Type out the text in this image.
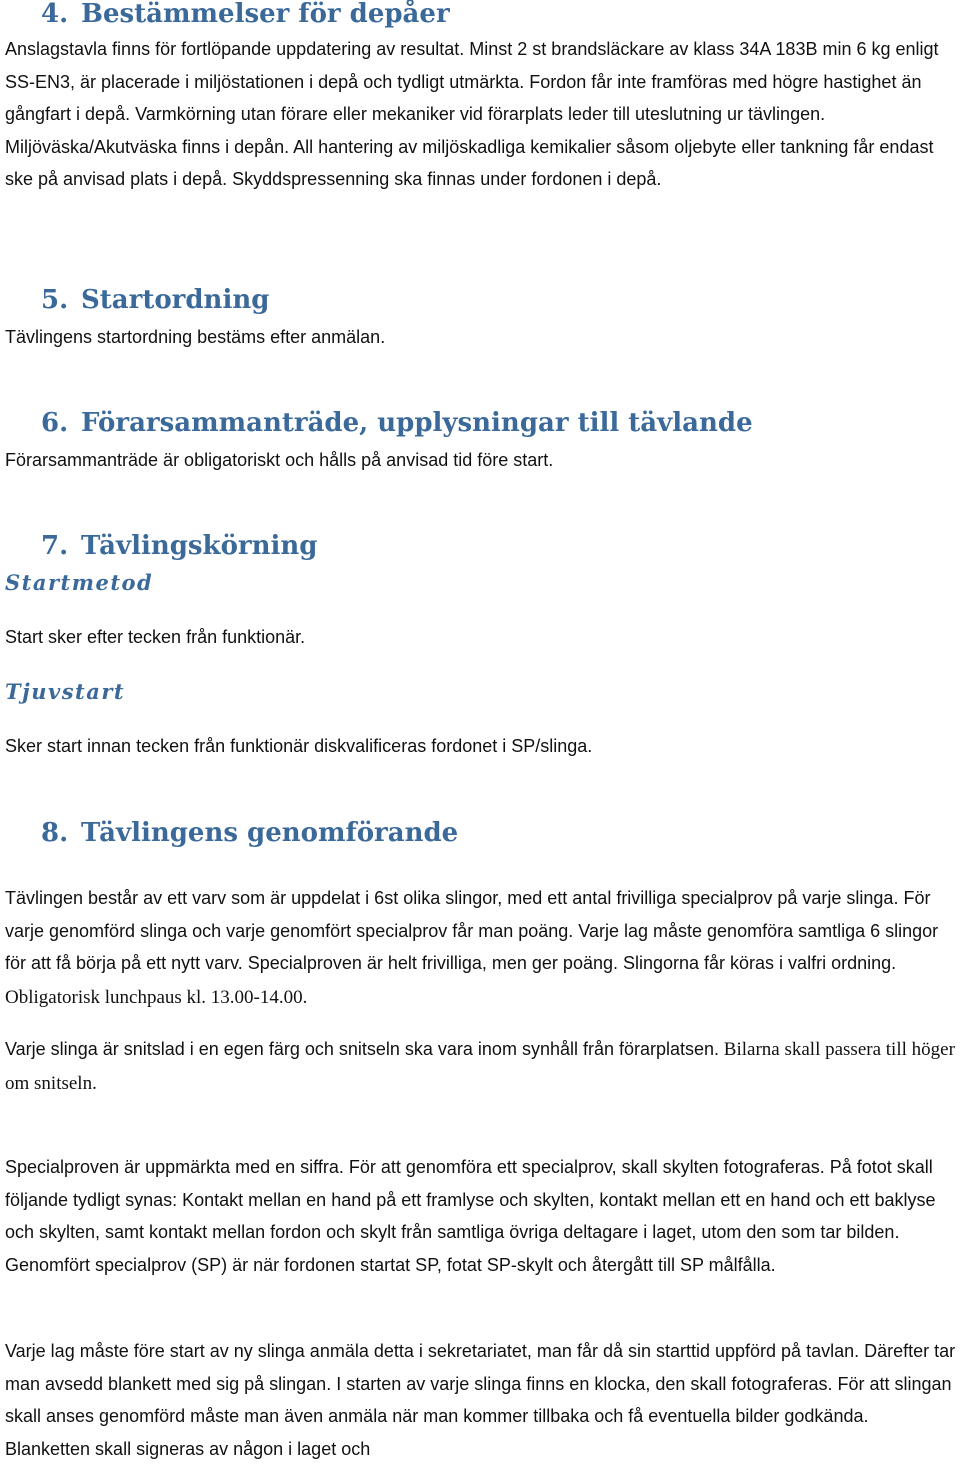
4. Bestämmelser för depåer

Anslagstavla finns för fortlöpande uppdatering av resultat. Minst 2 st brandsläckare av klass 34A 183B min 6 kg enligt SS-EN3, är placerade i miljöstationen i depå och tydligt utmärkta. Fordon får inte framföras med högre hastighet än gångfart i depå. Varmkörning utan förare eller mekaniker vid förarplats leder till uteslutning ur tävlingen. Miljöväska/Akutväska finns i depån. All hantering av miljöskadliga kemikalier såsom oljebyte eller tankning får endast ske på anvisad plats i depå. Skyddspressenning ska finnas under fordonen i depå.

5. Startordning

Tävlingens startordning bestäms efter anmälan.

6. Förarsammanträde, upplysningar till tävlande

Förarsammanträde är obligatoriskt och hålls på anvisad tid före start.

7. Tävlingskörning
Startmetod

Start sker efter tecken från funktionär.

Tjuvstart

Sker start innan tecken från funktionär diskvalificeras fordonet i SP/slinga.

8. Tävlingens genomförande

Tävlingen består av ett varv som är uppdelat i 6st olika slingor, med ett antal frivilliga specialprov på varje slinga. För varje genomförd slinga och varje genomfört specialprov får man poäng. Varje lag måste genomföra samtliga 6 slingor för att få börja på ett nytt varv. Specialproven är helt frivilliga, men ger poäng. Slingorna får köras i valfri ordning. Obligatorisk lunchpaus kl. 13.00-14.00.

Varje slinga är snitslad i en egen färg och snitseln ska vara inom synhåll från förarplatsen. Bilarna skall passera till höger om snitseln.

Specialproven är uppmärkta med en siffra. För att genomföra ett specialprov, skall skylten fotograferas. På fotot skall följande tydligt synas: Kontakt mellan en hand på ett framlyse och skylten, kontakt mellan ett en hand och ett baklyse och skylten, samt kontakt mellan fordon och skylt från samtliga övriga deltagare i laget, utom den som tar bilden. Genomfört specialprov (SP) är när fordonen startat SP, fotat SP-skylt och återgått till SP målfålla.

Varje lag måste före start av ny slinga anmäla detta i sekretariatet, man får då sin starttid uppförd på tavlan. Därefter tar man avsedd blankett med sig på slingan. I starten av varje slinga finns en klocka, den skall fotograferas. För att slingan skall anses genomförd måste man även anmäla när man kommer tillbaka och få eventuella bilder godkända. Blanketten skall signeras av någon i laget och
